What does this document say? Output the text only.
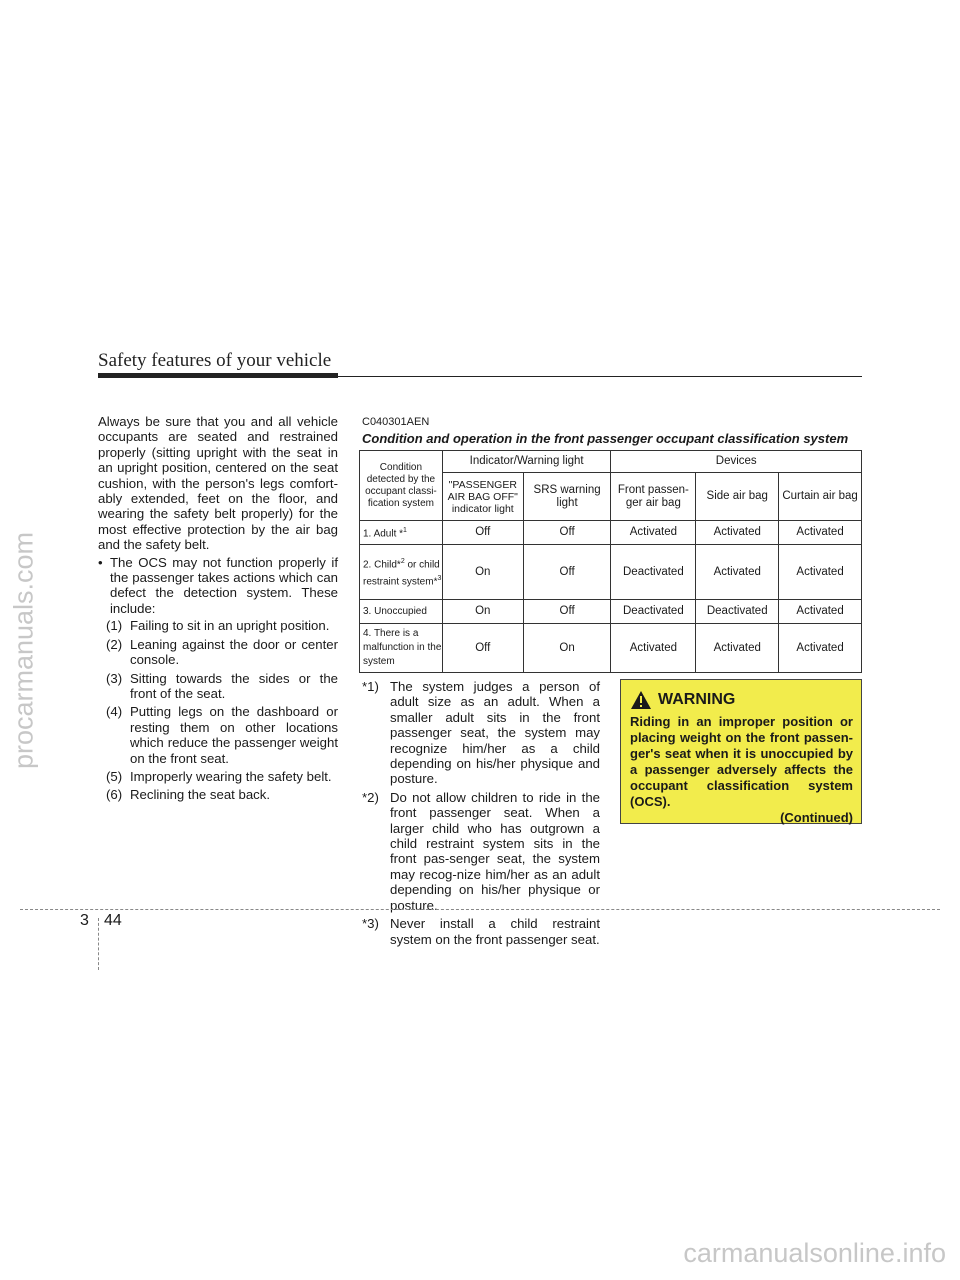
procarmanuals.com
carmanualsonline.info
Safety features of your vehicle

Always be sure that you and all vehicle occupants are seated and restrained properly (sitting upright with the seat in an upright position, centered on the seat cushion, with the person's legs comfort-ably extended, feet on the floor, and wearing the safety belt properly) for the most effective protection by the air bag and the safety belt.

• The OCS may not function properly if the passenger takes actions which can defect the detection system. These include:
(1) Failing to sit in an upright position.
(2) Leaning against the door or center console.
(3) Sitting towards the sides or the front of the seat.
(4) Putting legs on the dashboard or resting them on other locations which reduce the passenger weight on the front seat.
(5) Improperly wearing the safety belt.
(6) Reclining the seat back.
C040301AEN
Condition and operation in the front passenger occupant classification system
Condition detected by the occupant classi- fication system	Indicator/Warning light		Devices		
	"PASSENGER AIR BAG OFF" indicator light	SRS warning light	Front passen- ger air bag	Side air bag	Curtain air bag
1. Adult *$^1$	Off	Off	Activated	Activated	Activated
2. Child*$^2$ or child restraint system*$^3$	On	Off	Deactivated	Activated	Activated
3. Unoccupied	On	Off	Deactivated	Deactivated	Activated
4. There is a malfunction in the system	Off	On	Activated	Activated	Activated
*1) The system judges a person of adult size as an adult. When a smaller adult sits in the front passenger seat, the system may recognize him/her as a child depending on his/her physique and posture.
*2) Do not allow children to ride in the front passenger seat. When a larger child who has outgrown a child restraint system sits in the front pas-senger seat, the system may recog-nize him/her as an adult depending on his/her physique or posture.
*3) Never install a child restraint system on the front passenger seat.
WARNING
Riding in an improper position or placing weight on the front passen-ger's seat when it is unoccupied by a passenger adversely affects the occupant classification system (OCS).
(Continued)
3 44
